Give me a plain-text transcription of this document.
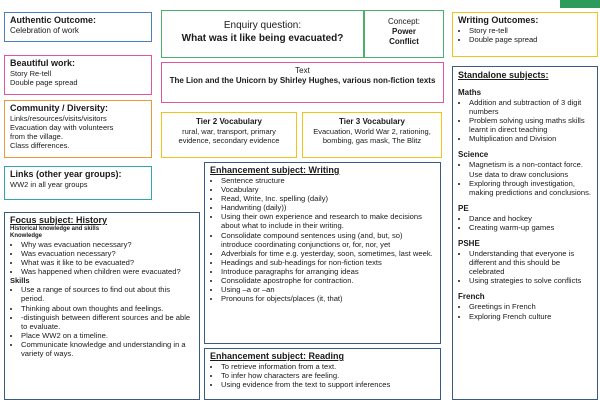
Authentic Outcome:
Celebration of work	Enquiry question:
What was it like being evacuated?
Concept:
Power
Conflict
Writing Outcomes:
• Story re-tell
• Double page spread
Beautiful work:
Story Re-tell
Double page spread
Text
The Lion and the Unicorn by Shirley Hughes, various non-fiction texts
Community / Diversity:
Links/resources/visits/visitors
Evacuation day with volunteers
from the village.
Class differences.
Tier 2 Vocabulary
rural, war, transport, primary evidence, secondary evidence
Tier 3 Vocabulary
Evacuation, World War 2, rationing, bombing, gas mask, The Blitz
Links (other year groups):
WW2 in all year groups
Focus subject: History
Historical knowledge and skills
Knowledge
• Why was evacuation necessary?
• Was evacuation necessary?
• What was it like to be evacuated?
• Was happened when children were evacuated?
Skills
• Use a range of sources to find out about this period.
• Thinking about own thoughts and feelings.
• -distinguish between different sources and be able to evaluate.
• Place WW2 on a timeline.
• Communicate knowledge and understanding in a variety of ways.
Enhancement subject: Writing
• Sentence structure
• Vocabulary
• Read, Write, Inc. spelling (daily)
• Handwriting (daily))
• Using their own experience and research to make decisions about what to include in their writing.
• Consolidate compound sentences using (and, but, so) introduce coordinating conjunctions or, for, nor, yet
• Adverbials for time e.g. yesterday, soon, sometimes, last week.
• Headings and sub-headings for non-fiction texts
• Introduce paragraphs for arranging ideas
• Consolidate apostrophe for contraction.
• Using –a or –an
• Pronouns for objects/places (it, that)
Enhancement subject: Reading
• To retrieve information from a text.
• To infer how characters are feeling.
• Using evidence from the text to support inferences
Standalone subjects:
Maths
• Addition and subtraction of 3 digit numbers
• Problem solving using maths skills learnt in direct teaching
• Multiplication and Division
Science
• Magnetism is a non-contact force. Use data to draw conclusions
• Exploring through investigation, making predictions and conclusions.
PE
• Dance and hockey
• Creating warm-up games
PSHE
• Understanding that everyone is different and this should be celebrated
• Using strategies to solve conflicts
French
• Greetings in French
• Exploring French culture
